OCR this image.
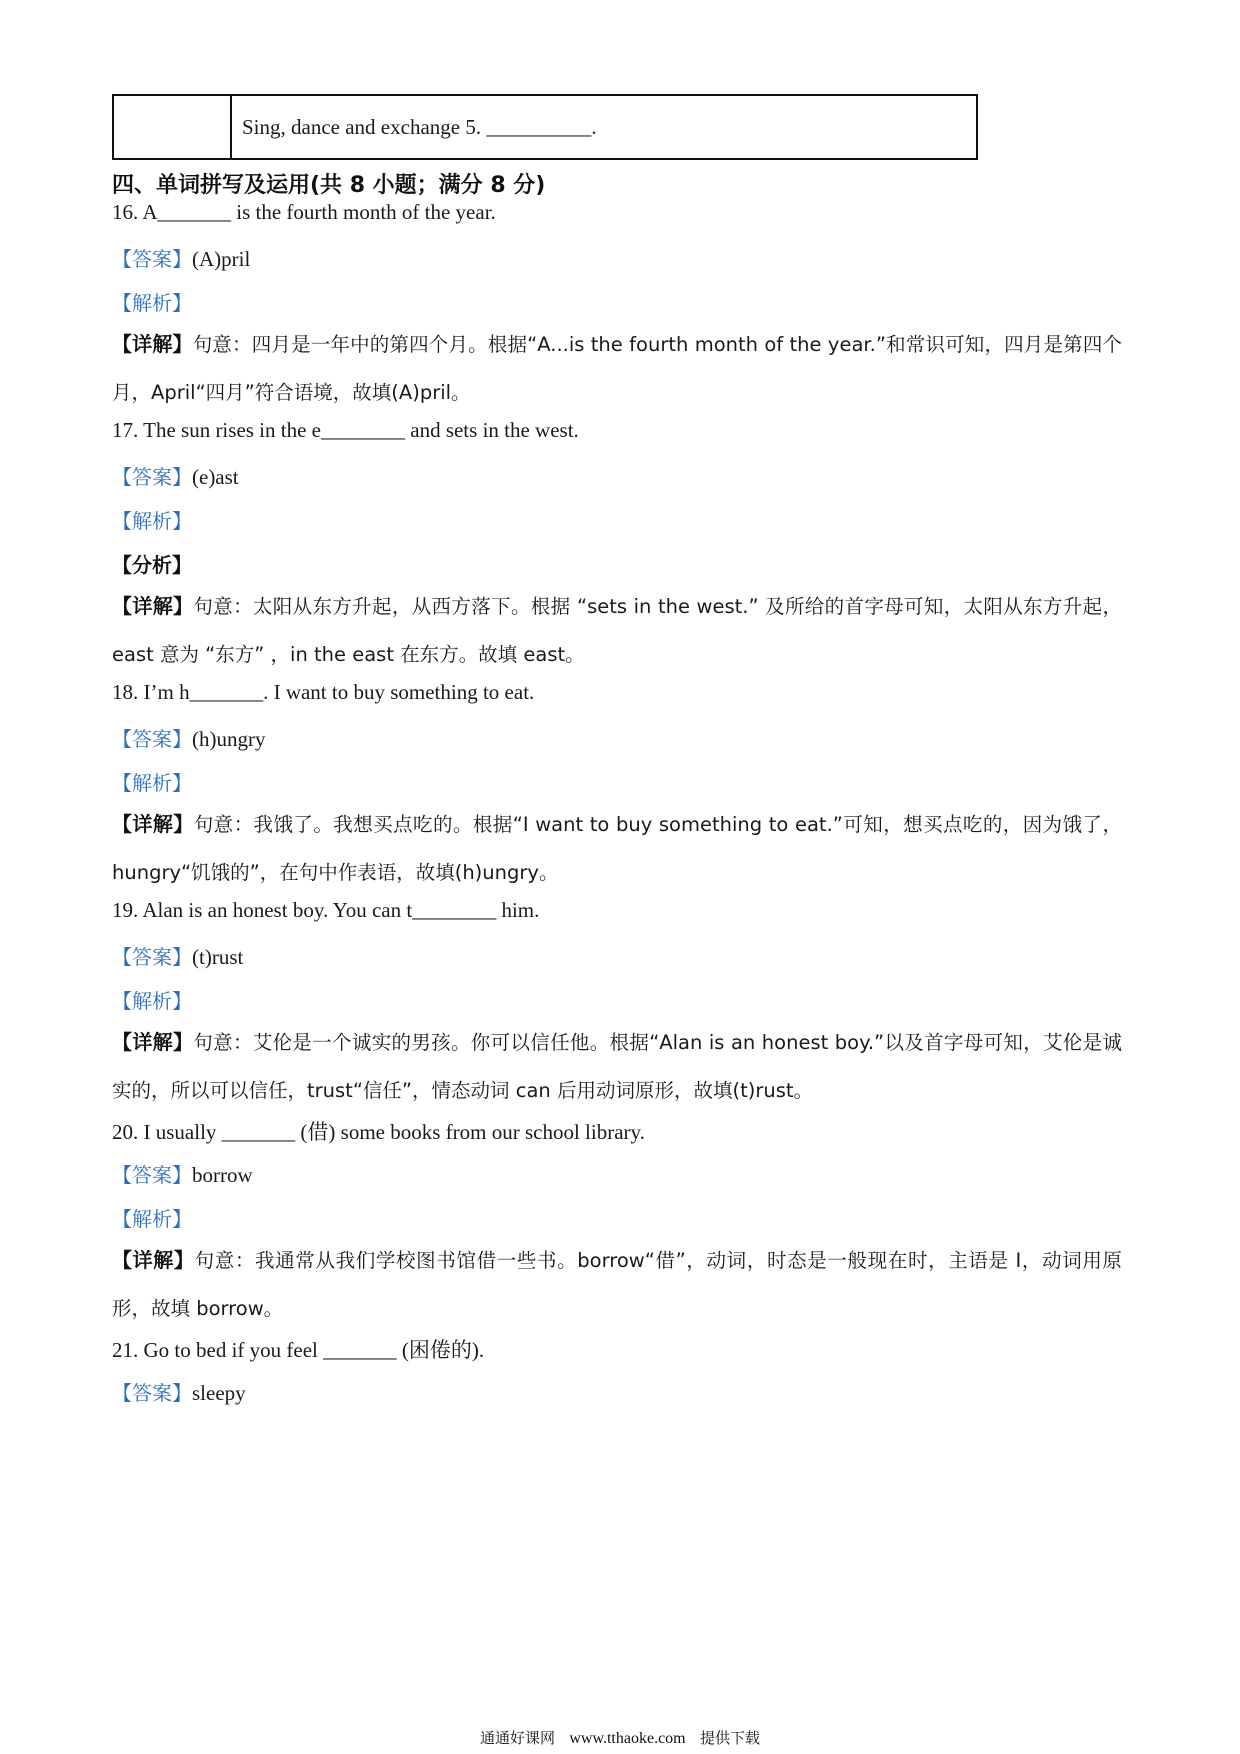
Sing, dance and exchange 5. __________.
四、单词拼写及运用(共 8 小题；满分 8 分)
16. A_______ is the fourth month of the year.
【答案】(A)pril
【解析】
【详解】句意：四月是一年中的第四个月。根据“A...is the fourth month of the year.”和常识可知，四月是第四个月，April“四月”符合语境，故填(A)pril。
17. The sun rises in the e________ and sets in the west.
【答案】(e)ast
【解析】
【分析】
【详解】句意：太阳从东方升起，从西方落下。根据 “sets in the west.” 及所给的首字母可知，太阳从东方升起，east 意为 “东方” ，in the east 在东方。故填 east。
18. I’m h_______. I want to buy something to eat.
【答案】(h)ungry
【解析】
【详解】句意：我饿了。我想买点吃的。根据“I want to buy something to eat.”可知，想买点吃的，因为饿了，hungry“饥饿的”，在句中作表语，故填(h)ungry。
19. Alan is an honest boy. You can t________ him.
【答案】(t)rust
【解析】
【详解】句意：艾伦是一个诚实的男孩。你可以信任他。根据“Alan is an honest boy.”以及首字母可知，艾伦是诚实的，所以可以信任，trust“信任”，情态动词 can 后用动词原形，故填(t)rust。
20. I usually _______ (借) some books from our school library.
【答案】borrow
【解析】
【详解】句意：我通常从我们学校图书馆借一些书。borrow“借”，动词，时态是一般现在时，主语是 I，动词用原形，故填 borrow。
21. Go to bed if you feel _______ (困倦的).
【答案】sleepy
通通好课网 www.tthaoke.com 提供下载
